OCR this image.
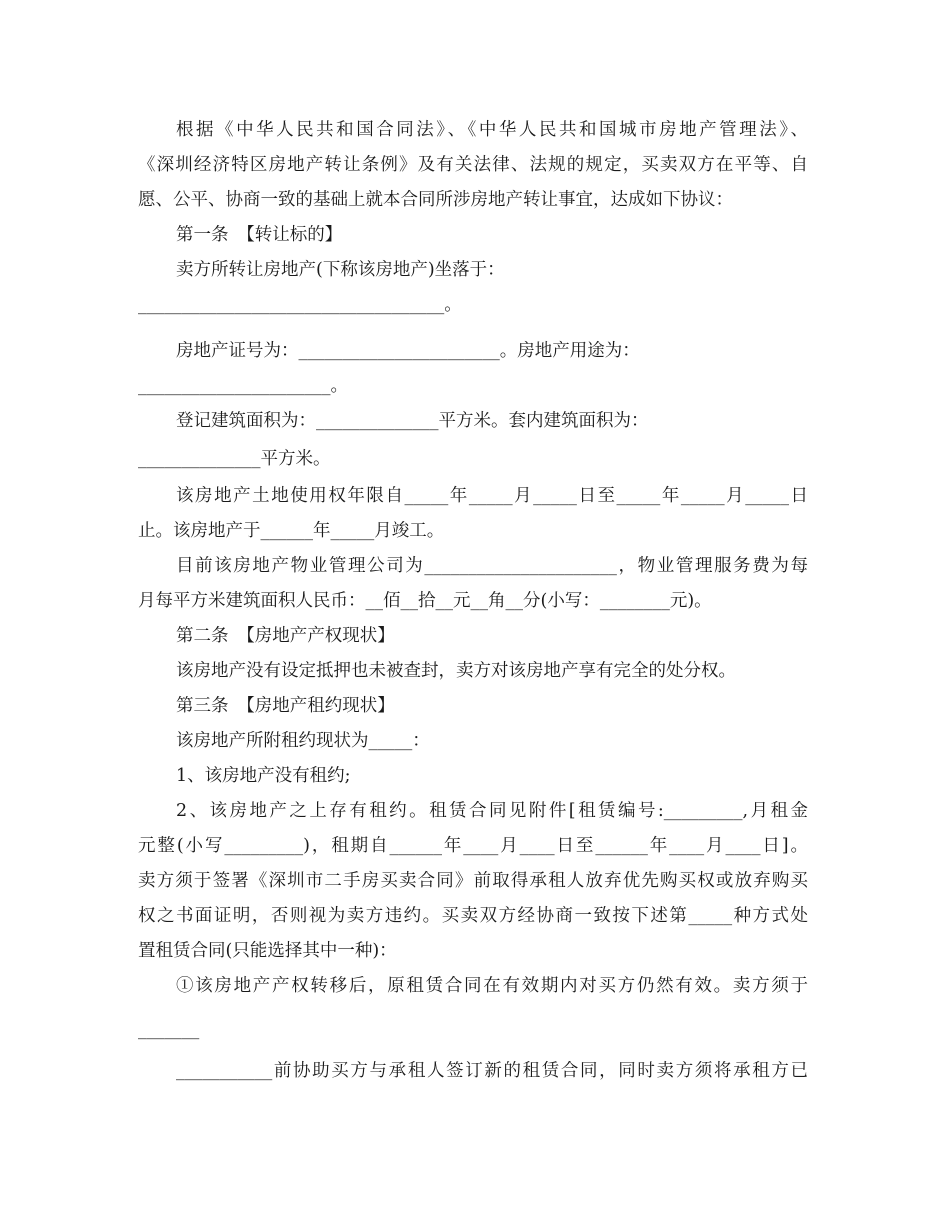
根据《中华人民共和国合同法》、《中华人民共和国城市房地产管理法》、
《深圳经济特区房地产转让条例》及有关法律、法规的规定，买卖双方在平等、自
愿、公平、协商一致的基础上就本合同所涉房地产转让事宜，达成如下协议：
第一条　【转让标的】
卖方所转让房地产(下称该房地产)坐落于：
___________________________________。
房地产证号为：_______________________。房地产用途为：
______________________。
登记建筑面积为：______________平方米。套内建筑面积为：
______________平方米。
该房地产土地使用权年限自_____年_____月_____日至_____年_____月_____日
止。该房地产于______年_____月竣工。
目前该房地产物业管理公司为______________________，物业管理服务费为每
月每平方米建筑面积人民币：__佰__拾__元__角__分(小写：________元)。
第二条　【房地产产权现状】
该房地产没有设定抵押也未被查封，卖方对该房地产享有完全的处分权。
第三条　【房地产租约现状】
该房地产所附租约现状为_____：
1、该房地产没有租约;
2、该房地产之上存有租约。租赁合同见附件[租赁编号:_________,月租金
元整(小写_________)，租期自______年____月____日至______年____月____日]。
卖方须于签署《深圳市二手房买卖合同》前取得承租人放弃优先购买权或放弃购买
权之书面证明，否则视为卖方违约。买卖双方经协商一致按下述第_____种方式处
置租赁合同(只能选择其中一种)：
①该房地产产权转移后，原租赁合同在有效期内对买方仍然有效。卖方须于
_______
___________前协助买方与承租人签订新的租赁合同，同时卖方须将承租方已
